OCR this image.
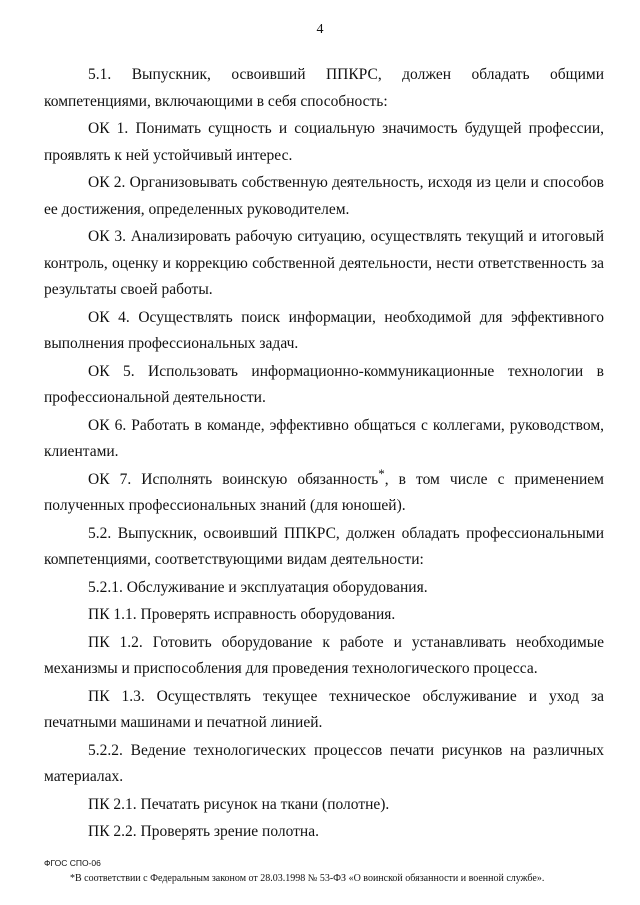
4

5.1. Выпускник, освоивший ППКРС, должен обладать общими компетенциями, включающими в себя способность:

ОК 1. Понимать сущность и социальную значимость будущей профессии, проявлять к ней устойчивый интерес.

ОК 2. Организовывать собственную деятельность, исходя из цели и способов ее достижения, определенных руководителем.

ОК 3. Анализировать рабочую ситуацию, осуществлять текущий и итоговый контроль, оценку и коррекцию собственной деятельности, нести ответственность за результаты своей работы.

ОК 4. Осуществлять поиск информации, необходимой для эффективного выполнения профессиональных задач.

ОК 5. Использовать информационно-коммуникационные технологии в профессиональной деятельности.

ОК 6. Работать в команде, эффективно общаться с коллегами, руководством, клиентами.

ОК 7. Исполнять воинскую обязанность*, в том числе с применением полученных профессиональных знаний (для юношей).

5.2. Выпускник, освоивший ППКРС, должен обладать профессиональными компетенциями, соответствующими видам деятельности:

5.2.1. Обслуживание и эксплуатация оборудования.

ПК 1.1. Проверять исправность оборудования.

ПК 1.2. Готовить оборудование к работе и устанавливать необходимые механизмы и приспособления для проведения технологического процесса.

ПК 1.3. Осуществлять текущее техническое обслуживание и уход за печатными машинами и печатной линией.

5.2.2. Ведение технологических процессов печати рисунков на различных материалах.

ПК 2.1. Печатать рисунок на ткани (полотне).

ПК 2.2. Проверять зрение полотна.

ФГОС СПО-06
*В соответствии с Федеральным законом от 28.03.1998 № 53-ФЗ «О воинской обязанности и военной службе».
